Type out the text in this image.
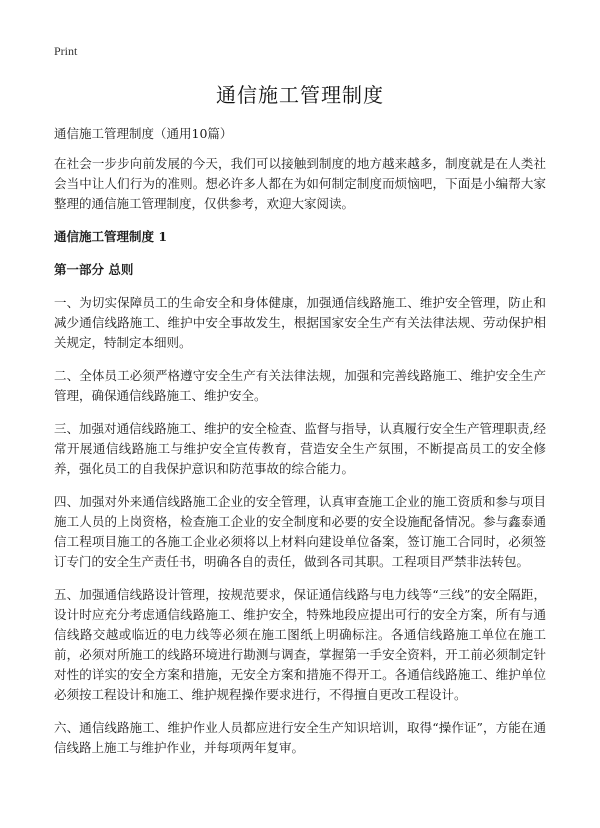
Print
通信施工管理制度

通信施工管理制度（通用10篇）

在社会一步步向前发展的今天，我们可以接触到制度的地方越来越多，制度就是在人类社会当中让人们行为的准则。想必许多人都在为如何制定制度而烦恼吧，下面是小编帮大家整理的通信施工管理制度，仅供参考，欢迎大家阅读。

通信施工管理制度 1

第一部分 总则

一、为切实保障员工的生命安全和身体健康，加强通信线路施工、维护安全管理，防止和减少通信线路施工、维护中安全事故发生，根据国家安全生产有关法律法规、劳动保护相关规定，特制定本细则。

二、全体员工必须严格遵守安全生产有关法律法规，加强和完善线路施工、维护安全生产管理，确保通信线路施工、维护安全。

三、加强对通信线路施工、维护的安全检查、监督与指导，认真履行安全生产管理职责,经常开展通信线路施工与维护安全宣传教育，营造安全生产氛围，不断提高员工的安全修养，强化员工的自我保护意识和防范事故的综合能力。

四、加强对外来通信线路施工企业的安全管理，认真审查施工企业的施工资质和参与项目施工人员的上岗资格，检查施工企业的安全制度和必要的安全设施配备情况。参与鑫泰通信工程项目施工的各施工企业必须将以上材料向建设单位备案，签订施工合同时，必须签订专门的安全生产责任书，明确各自的责任，做到各司其职。工程项目严禁非法转包。

五、加强通信线路设计管理，按规范要求，保证通信线路与电力线等“三线”的安全隔距，设计时应充分考虑通信线路施工、维护安全，特殊地段应提出可行的安全方案，所有与通信线路交越或临近的电力线等必须在施工图纸上明确标注。各通信线路施工单位在施工前，必须对所施工的线路环境进行勘测与调查，掌握第一手安全资料，开工前必须制定针对性的详实的安全方案和措施，无安全方案和措施不得开工。各通信线路施工、维护单位必须按工程设计和施工、维护规程操作要求进行，不得擅自更改工程设计。

六、通信线路施工、维护作业人员都应进行安全生产知识培训，取得“操作证”，方能在通信线路上施工与维护作业，并每项两年复审。
